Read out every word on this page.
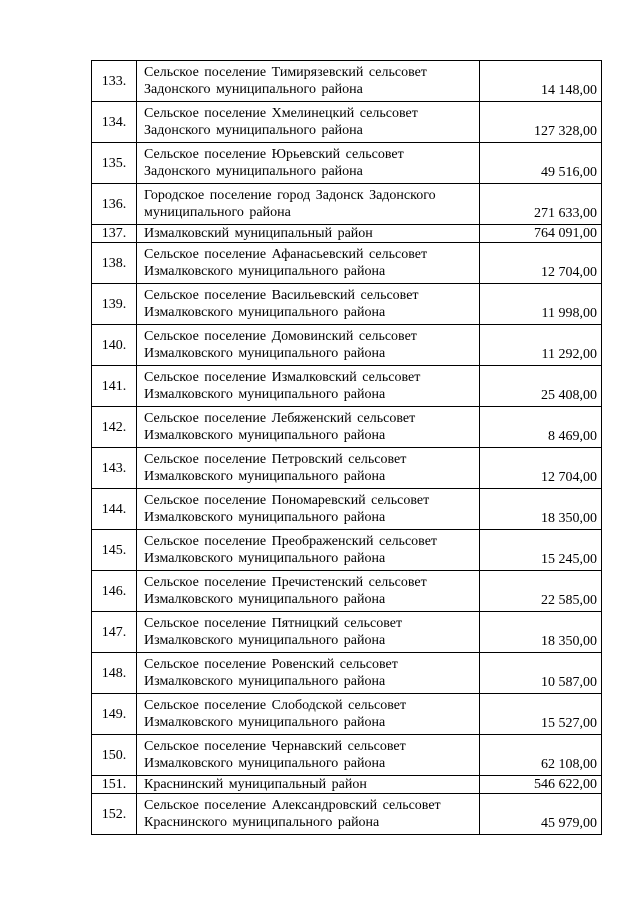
133.	Сельское поселение Тимирязевский сельсовет
Задонского муниципального района	14 148,00
134.	Сельское поселение Хмелинецкий сельсовет
Задонского муниципального района	127 328,00
135.	Сельское поселение Юрьевский сельсовет
Задонского муниципального района	49 516,00
136.	Городское поселение город Задонск Задонского
муниципального района	271 633,00
137.	Измалковский муниципальный район	764 091,00
138.	Сельское поселение Афанасьевский сельсовет
Измалковского муниципального района	12 704,00
139.	Сельское поселение Васильевский сельсовет
Измалковского муниципального района	11 998,00
140.	Сельское поселение Домовинский сельсовет
Измалковского муниципального района	11 292,00
141.	Сельское поселение Измалковский сельсовет
Измалковского муниципального района	25 408,00
142.	Сельское поселение Лебяженский сельсовет
Измалковского муниципального района	8 469,00
143.	Сельское поселение Петровский сельсовет
Измалковского муниципального района	12 704,00
144.	Сельское поселение Пономаревский сельсовет
Измалковского муниципального района	18 350,00
145.	Сельское поселение Преображенский сельсовет
Измалковского муниципального района	15 245,00
146.	Сельское поселение Пречистенский сельсовет
Измалковского муниципального района	22 585,00
147.	Сельское поселение Пятницкий сельсовет
Измалковского муниципального района	18 350,00
148.	Сельское поселение Ровенский сельсовет
Измалковского муниципального района	10 587,00
149.	Сельское поселение Слободской сельсовет
Измалковского муниципального района	15 527,00
150.	Сельское поселение Чернавский сельсовет
Измалковского муниципального района	62 108,00
151.	Краснинский муниципальный район	546 622,00
152.	Сельское поселение Александровский сельсовет
Краснинского муниципального района	45 979,00
